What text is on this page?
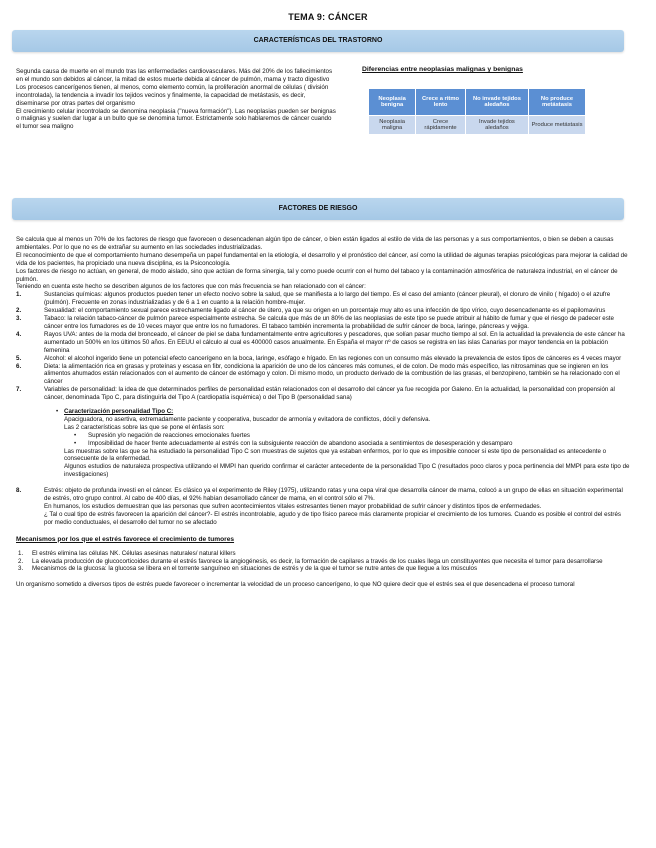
TEMA 9: CÁNCER
CARACTERÍSTICAS DEL TRASTORNO

Segunda causa de muerte en el mundo tras las enfermedades cardiovasculares. Más del 20% de los fallecimientos en el mundo son debidos al cáncer, la mitad de estos muerte debida al cáncer de pulmón, mama y tracto digestivo

Los procesos cancerígenos tienen, al menos, como elemento común, la proliferación anormal de células ( división incontrolada), la tendencia a invadir los tejidos vecinos y finalmente, la capacidad de metástasis, es decir, diseminarse por otras partes del organismo

El crecimiento celular incontrolado se denomina neoplasia ("nueva formación"). Las neoplasias pueden ser benignas o malignas y suelen dar lugar a un bulto que se denomina tumor. Estrictamente solo hablaremos de cáncer cuando el tumor sea maligno

Diferencias entre neoplasias malignas y benignas
Neoplasia benigna	Crece a ritmo lento	No invade tejidos aledaños	No produce metástasis
Neoplasia maligna	Crece rápidamente	Invade tejidos aledaños	Produce metástasis
FACTORES DE RIESGO

Se calcula que al menos un 70% de los factores de riesgo que favorecen o desencadenan algún tipo de cáncer, o bien están ligados al estilo de vida de las personas y a sus comportamientos, o bien se deben a causas ambientales. Por lo que no es de extrañar su aumento en las sociedades industrializadas.

El reconocimiento de que el comportamiento humano desempeña un papel fundamental en la etiología, el desarrollo y el pronóstico del cáncer, así como la utilidad de algunas terapias psicológicas para mejorar la calidad de vida de los pacientes, ha propiciado una nueva disciplina, es la Psiconcología.

Los factores de riesgo no actúan, en general, de modo aislado, sino que actúan de forma sinergia, tal y como puede ocurrir con el humo del tabaco y la contaminación atmosférica de naturaleza industrial, en el cáncer de pulmón.

Teniendo en cuenta este hecho se describen algunos de los factores que con más frecuencia se han relacionado con el cáncer:

1.	Sustancias químicas: algunos productos pueden tener un efecto nocivo sobre la salud, que se manifiesta a lo largo del tiempo. Es el caso del amianto (cáncer pleural), el cloruro de vinilo ( hígado) o el azufre (pulmón). Frecuente en zonas industrializadas y de 6 a 1 en cuanto a la relación hombre-mujer.
2.	Sexualidad: el comportamiento sexual parece estrechamente ligado al cáncer de útero, ya que su origen en un porcentaje muy alto es una infección de tipo vírico, cuyo desencadenante es el papilomavirus
3.	Tabaco: la relación tabaco-cáncer de pulmón parece especialmente estrecha. Se calcula que más de un 80% de las neoplasias de este tipo se puede atribuir al hábito de fumar y que el riesgo de padecer este cáncer entre los fumadores es de 10 veces mayor que entre los no fumadores. El tabaco también incrementa la probabilidad de sufrir cáncer de boca, laringe, páncreas y vejiga.
4.	Rayos UVA: antes de la moda del bronceado, el cáncer de piel se daba fundamentalmente entre agricultores y pescadores, que solían pasar mucho tiempo al sol. En la actualidad la prevalencia de este cáncer ha aumentado un 500% en los últimos 50 años. En EEUU el cálculo al cual es 400000 casos anualmente. En España el mayor nº de casos se registra en las islas Canarias por mayor tendencia en la población femenina
5.	Alcohol: el alcohol ingerido tiene un potencial efecto cancerígeno en la boca, laringe, esófago e hígado. En las regiones con un consumo más elevado la prevalencia de estos tipos de cánceres es 4 veces mayor
6.	Dieta: la alimentación rica en grasas y proteínas y escasa en fibr, condiciona la aparición de uno de los cánceres más comunes, el de colon. De modo más específico, las nitrosaminas que se ingieren en los alimentos ahumados están relacionados con el aumento de cáncer de estómago y colon. Di mismo modo, un producto derivado de la combustión de las grasas, el benzopireno, también se ha relacionado con el cáncer
7.	Variables de personalidad: la idea de que determinados perfiles de personalidad están relacionados con el desarrollo del cáncer ya fue recogida por Galeno. En la actualidad, la personalidad con propensión al cáncer, denominada Tipo C, para distinguirla del Tipo A (cardiopatía isquémica) o del Tipo B (personalidad sana)
• Caracterización personalidad Tipo C:
Apaciguadora, no asertiva, extremadamente paciente y cooperativa, buscador de armonía y evitadora de conflictos, dócil y defensiva.
Las 2 características sobre las que se pone el énfasis son:
• Supresión y/o negación de reacciones emocionales fuertes
• Imposibilidad de hacer frente adecuadamente al estrés con la subsiguiente reacción de abandono asociada a sentimientos de desesperación y desamparo
Las muestras sobre las que se ha estudiado la personalidad Tipo C son muestras de sujetos que ya estaban enfermos, por lo que es imposible conocer si este tipo de personalidad es antecedente o consecuente de la enfermedad.
Algunos estudios de naturaleza prospectiva utilizando el MMPI han querido confirmar el carácter antecedente de la personalidad Tipo C (resultados poco claros y poca pertinencia del MMPI para este tipo de investigaciones)
8.	Estrés: objeto de profunda investi en el cáncer. Es clásico ya el experimento de Riley (1975), utilizando ratas y una cepa viral que desarrolla cáncer de mama, colocó a un grupo de ellas en situación experimental de estrés, otro grupo control. Al cabo de 400 días, el 92% habían desarrollado cáncer de mama, en el control sólo el 7%.
En humanos, los estudios demuestran que las personas que sufren acontecimientos vitales estresantes tienen mayor probabilidad de sufrir cáncer y distintos tipos de enfermedades.
¿ Tal o cual tipo de estrés favorecen la aparición del cáncer?- El estrés incontrolable, agudo y de tipo físico parece más claramente propiciar el crecimiento de los tumores. Cuando es posible el control del estrés por medio conductuales, el desarrollo del tumor no se afectado
Mecanismos por los que el estrés favorece el crecimiento de tumores
1. El estrés elimina las células NK. Células asesinas naturales/ natural killers
2. La elevada producción de glucocorticoides durante el estrés favorece la angiogénesis, es decir, la formación de capilares a través de los cuales llega un constituyentes que necesita el tumor para desarrollarse
3. Mecanismos de la glucosa: la glucosa se libera en el torrente sanguíneo en situaciones de estrés y de la que el tumor se nutre antes de que llegue a los músculos
Un organismo sometido a diversos tipos de estrés puede favorecer o incrementar la velocidad de un proceso cancerígeno, lo que NO quiere decir que el estrés sea el que desencadena el proceso tumoral
